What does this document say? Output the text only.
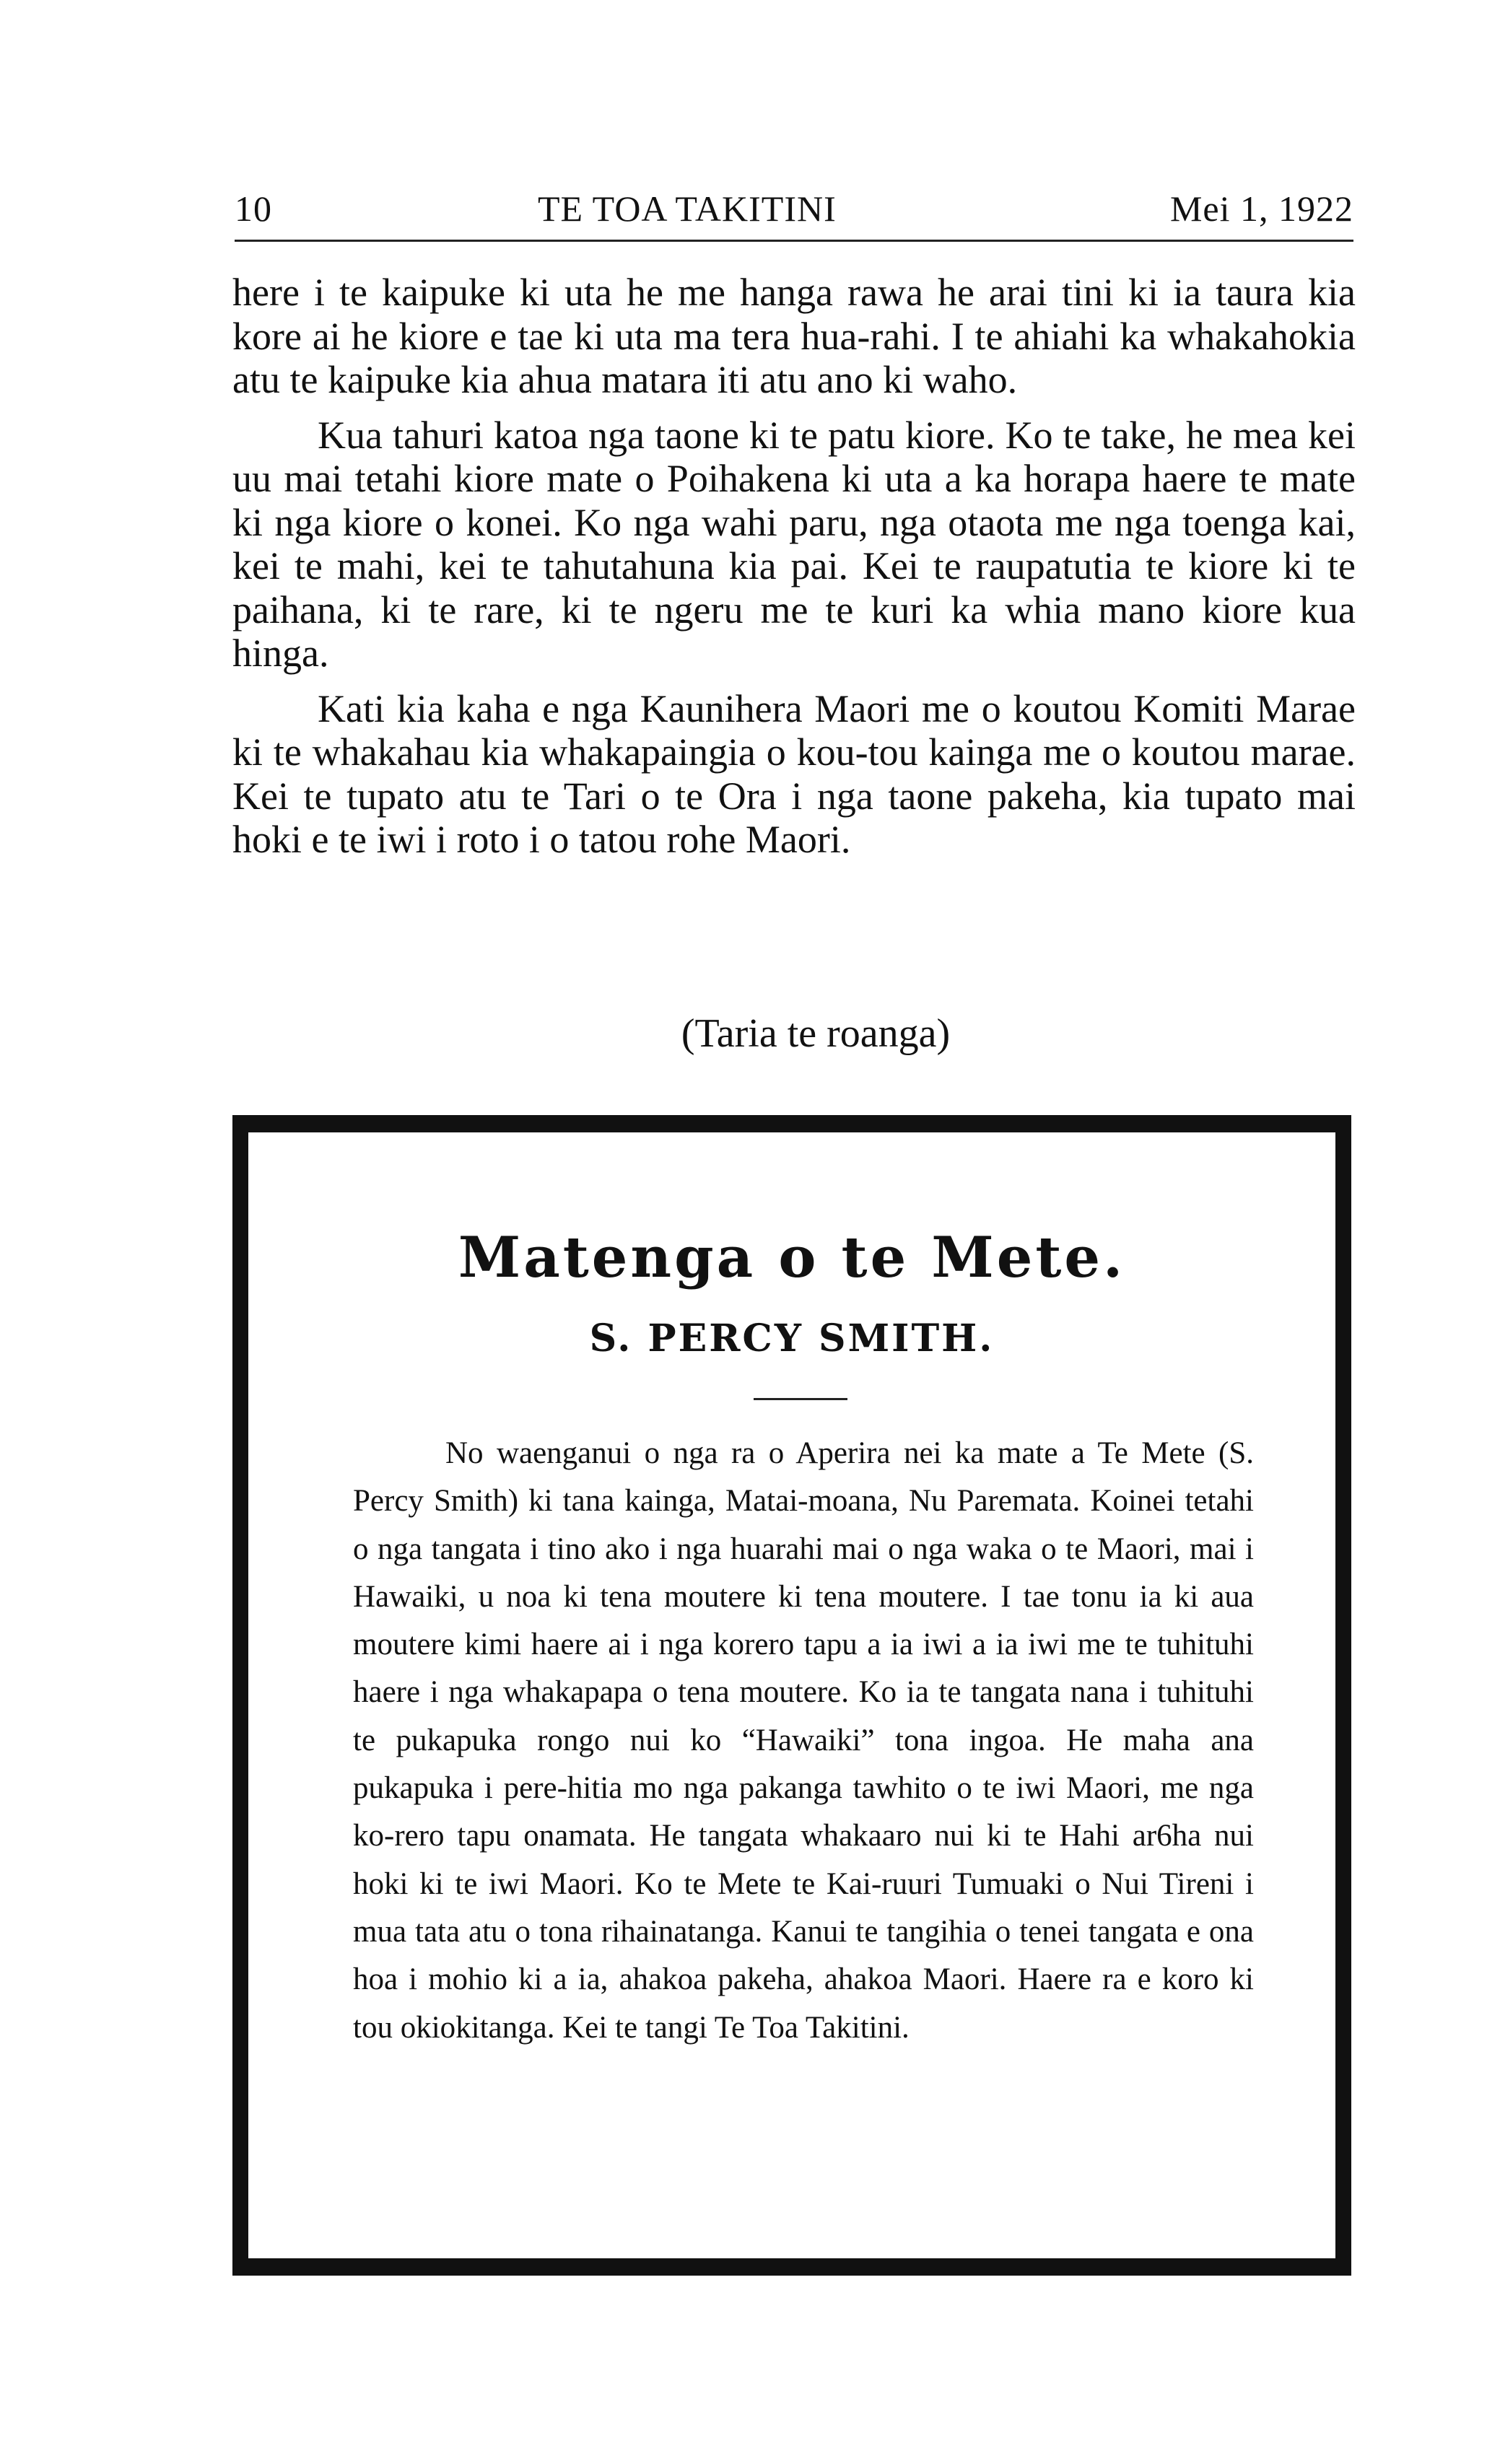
10	TE TOA TAKITINI	Mei 1, 1922

here i te kaipuke ki uta he me hanga rawa he arai tini ki ia taura kia kore ai he kiore e tae ki uta ma tera hua-rahi. I te ahiahi ka whakahokia atu te kaipuke kia ahua matara iti atu ano ki waho.

Kua tahuri katoa nga taone ki te patu kiore. Ko te take, he mea kei uu mai tetahi kiore mate o Poihakena ki uta a ka horapa haere te mate ki nga kiore o konei. Ko nga wahi paru, nga otaota me nga toenga kai, kei te mahi, kei te tahutahuna kia pai. Kei te raupatutia te kiore ki te paihana, ki te rare, ki te ngeru me te kuri ka whia mano kiore kua hinga.

Kati kia kaha e nga Kaunihera Maori me o koutou Komiti Marae ki te whakahau kia whakapaingia o kou-tou kainga me o koutou marae. Kei te tupato atu te Tari o te Ora i nga taone pakeha, kia tupato mai hoki e te iwi i roto i o tatou rohe Maori.

(Taria te roanga)
Matenga o te Mete.
S. PERCY SMITH.

No waenganui o nga ra o Aperira nei ka mate a Te Mete (S. Percy Smith) ki tana kainga, Matai-moana, Nu Paremata. Koinei tetahi o nga tangata i tino ako i nga huarahi mai o nga waka o te Maori, mai i Hawaiki, u noa ki tena moutere ki tena moutere. I tae tonu ia ki aua moutere kimi haere ai i nga korero tapu a ia iwi a ia iwi me te tuhituhi haere i nga whakapapa o tena moutere. Ko ia te tangata nana i tuhituhi te pukapuka rongo nui ko “Hawaiki” tona ingoa. He maha ana pukapuka i pere-hitia mo nga pakanga tawhito o te iwi Maori, me nga ko-rero tapu onamata. He tangata whakaaro nui ki te Hahi ar6ha nui hoki ki te iwi Maori. Ko te Mete te Kai-ruuri Tumuaki o Nui Tireni i mua tata atu o tona rihainatanga. Kanui te tangihia o tenei tangata e ona hoa i mohio ki a ia, ahakoa pakeha, ahakoa Maori. Haere ra e koro ki tou okiokitanga. Kei te tangi Te Toa Takitini.
